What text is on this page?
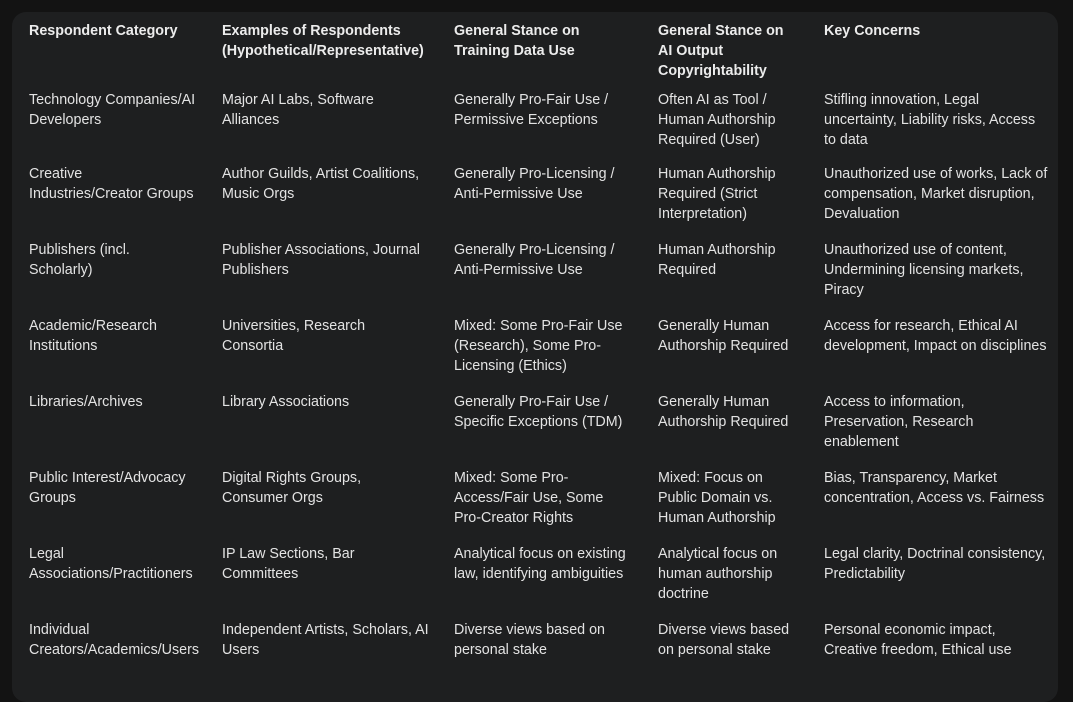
Respondent Category	Examples of Respondents (Hypothetical/Representative)	General Stance on Training Data Use	General Stance on AI Output Copyrightability	Key Concerns
Technology Companies/AI Developers	Major AI Labs, Software Alliances	Generally Pro-Fair Use / Permissive Exceptions	Often AI as Tool / Human Authorship Required (User)	Stifling innovation, Legal uncertainty, Liability risks, Access to data
Creative Industries/Creator Groups	Author Guilds, Artist Coalitions, Music Orgs	Generally Pro-Licensing / Anti-Permissive Use	Human Authorship Required (Strict Interpretation)	Unauthorized use of works, Lack of compensation, Market disruption, Devaluation
Publishers (incl. Scholarly)	Publisher Associations, Journal Publishers	Generally Pro-Licensing / Anti-Permissive Use	Human Authorship Required	Unauthorized use of content, Undermining licensing markets, Piracy
Academic/Research Institutions	Universities, Research Consortia	Mixed: Some Pro-Fair Use (Research), Some Pro-Licensing (Ethics)	Generally Human Authorship Required	Access for research, Ethical AI development, Impact on disciplines
Libraries/Archives	Library Associations	Generally Pro-Fair Use / Specific Exceptions (TDM)	Generally Human Authorship Required	Access to information, Preservation, Research enablement
Public Interest/Advocacy Groups	Digital Rights Groups, Consumer Orgs	Mixed: Some Pro-Access/Fair Use, Some Pro-Creator Rights	Mixed: Focus on Public Domain vs. Human Authorship	Bias, Transparency, Market concentration, Access vs. Fairness
Legal Associations/Practitioners	IP Law Sections, Bar Committees	Analytical focus on existing law, identifying ambiguities	Analytical focus on human authorship doctrine	Legal clarity, Doctrinal consistency, Predictability
Individual Creators/Academics/Users	Independent Artists, Scholars, AI Users	Diverse views based on personal stake	Diverse views based on personal stake	Personal economic impact, Creative freedom, Ethical use
